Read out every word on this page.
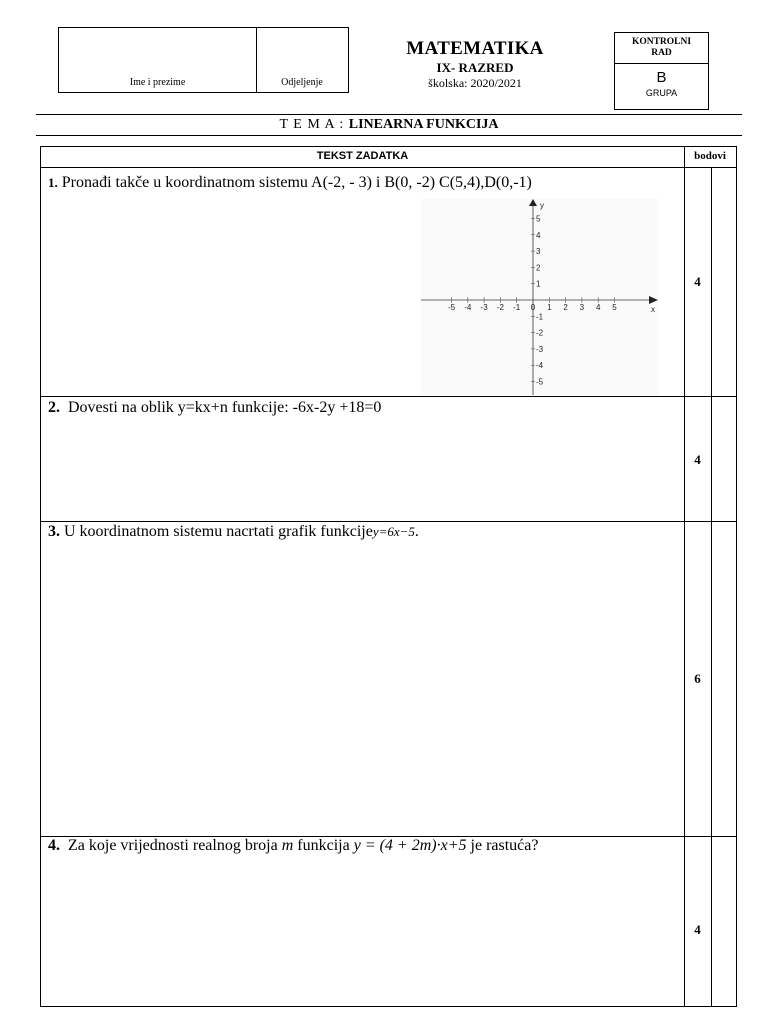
Ime i prezime	Odjeljenje
MATEMATIKA
IX- RAZRED
školska: 2020/2021
KONTROLNI
RAD
B
GRUPA
T E M A : LINEARNA FUNKCIJA
TEKST ZADATKA	bodovi
1. Pronađi takče u koordinatnom sistemu A(-2, - 3) i B(0, -2) C(5,4),D(0,-1)
4
x
y
-5 -4 -3 -2 -1 0 1 2 3 4 5
5
4
3
2
1
-1
-2
-3
-4
-5
2. Dovesti na oblik y=kx+n funkcije: -6x-2y +18=0
4
3. U koordinatnom sistemu nacrtati grafik funkcijey=6x−5.
6
4. Za koje vrijednosti realnog broja m funkcija y = (4 + 2m)·x+5 je rastuća?
4
